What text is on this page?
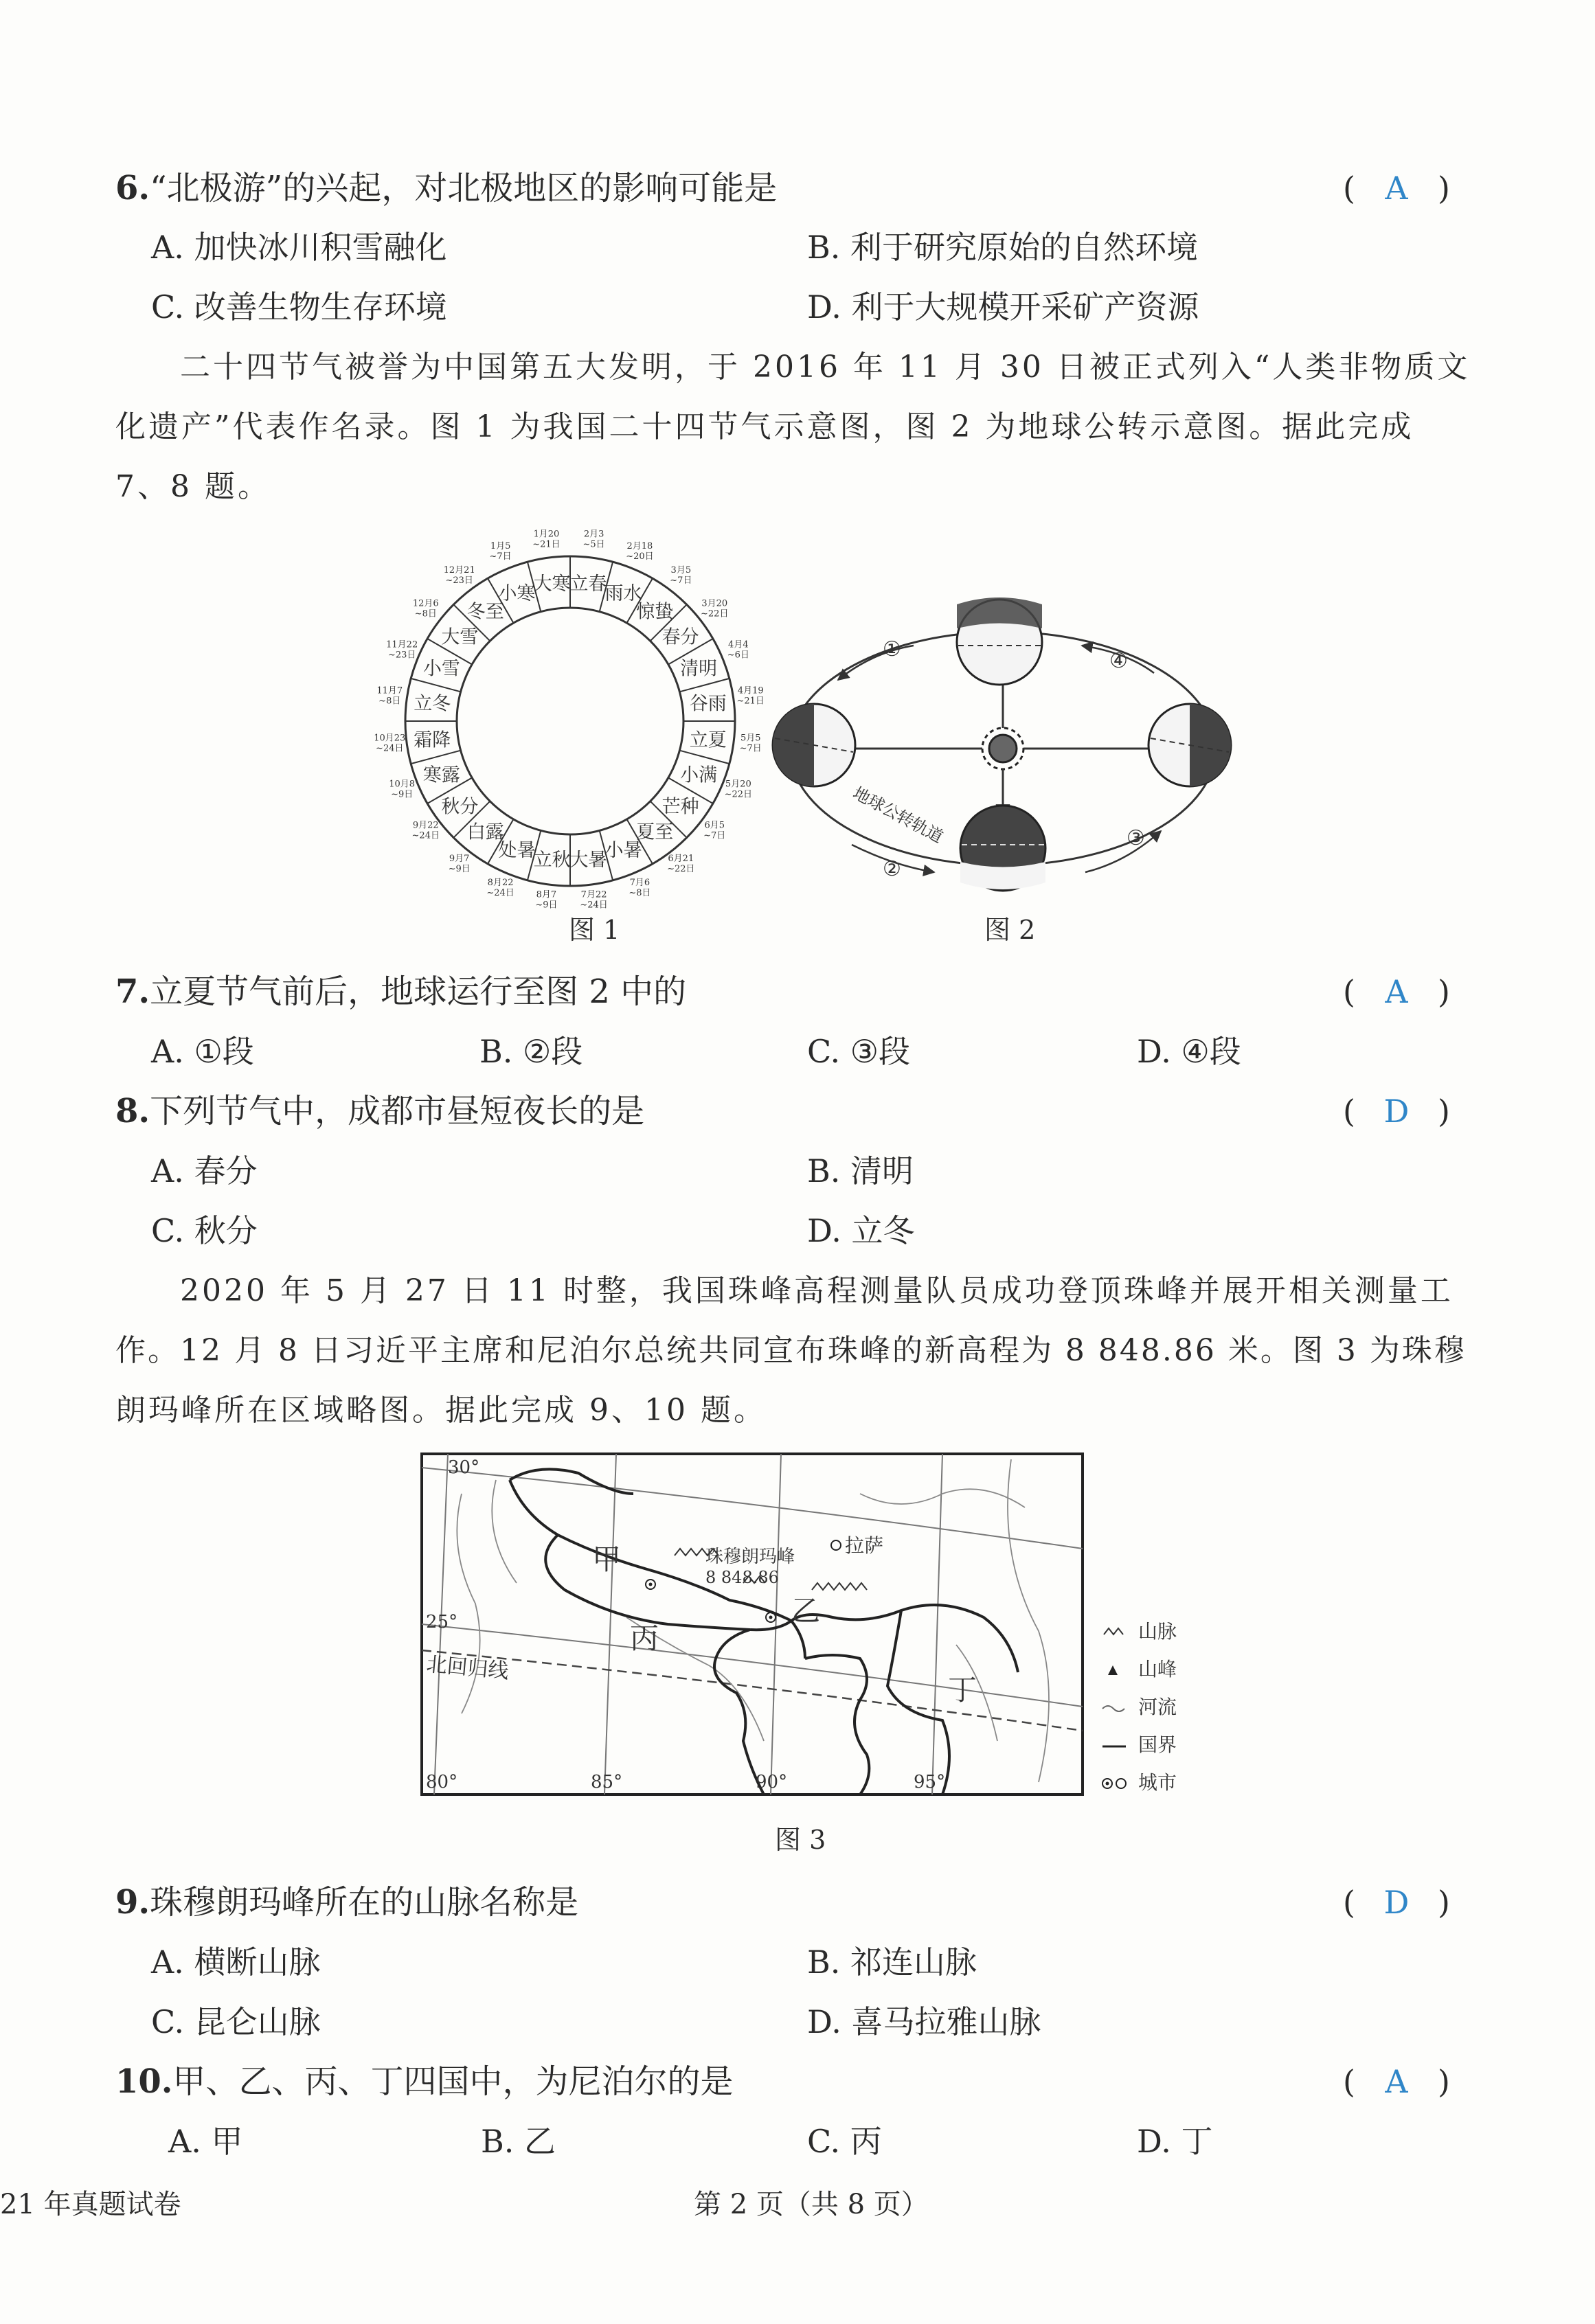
6.“北极游”的兴起，对北极地区的影响可能是	( A )
A. 加快冰川积雪融化	B. 利于研究原始的自然环境
C. 改善生物生存环境	D. 利于大规模开采矿产资源
二十四节气被誉为中国第五大发明，于 2016 年 11 月 30 日被正式列入“人类非物质文
化遗产”代表作名录。图 1 为我国二十四节气示意图，图 2 为地球公转示意图。据此完成
7、8 题。
立春
雨水
惊蛰
春分
清明
谷雨
立夏
小满
芒种
夏至
小暑
大暑
立秋
处暑
白露
秋分
寒露
霜降
立冬
小雪
大雪
冬至
小寒
大寒
2月3
~5日 2月18
~20日
3月5
~7日
3月20
~22日
4月4
~6日
4月19
~21日
5月5
~7日
5月20
~22日
6月5
~7日
6月21
~22日
7月6
~8日
7月22
~24日
8月7
~9日
8月22
~24日
9月7
~9日
9月22
~24日
10月8
~9日
10月23
~24日
11月7
~8日
11月22
~23日
12月6
~8日
12月21
~23日
1月5
~7日
1月20
~21日
图 1
①
②
③
④
地球公转轨道
图 2
7.立夏节气前后，地球运行至图 2 中的	( A )
A. ①段	B. ②段	C. ③段	D. ④段
8.下列节气中，成都市昼短夜长的是	( D )
A. 春分	B. 清明
C. 秋分	D. 立冬
2020 年 5 月 27 日 11 时整，我国珠峰高程测量队员成功登顶珠峰并展开相关测量工
作。12 月 8 日习近平主席和尼泊尔总统共同宣布珠峰的新高程为 8 848.86 米。图 3 为珠穆
朗玛峰所在区域略图。据此完成 9、10 题。
30°
25°
80°	85°	90°	95°
北回归线
珠穆朗玛峰
8 848.86
拉萨
甲
乙
丙
丁
山脉
山峰
河流
国界
城市
图 3
9.珠穆朗玛峰所在的山脉名称是	( D )
A. 横断山脉	B. 祁连山脉
C. 昆仑山脉	D. 喜马拉雅山脉
10.甲、乙、丙、丁四国中，为尼泊尔的是	( A )
A. 甲	B. 乙	C. 丙	D. 丁
21 年真题试卷	第 2 页（共 8 页）
